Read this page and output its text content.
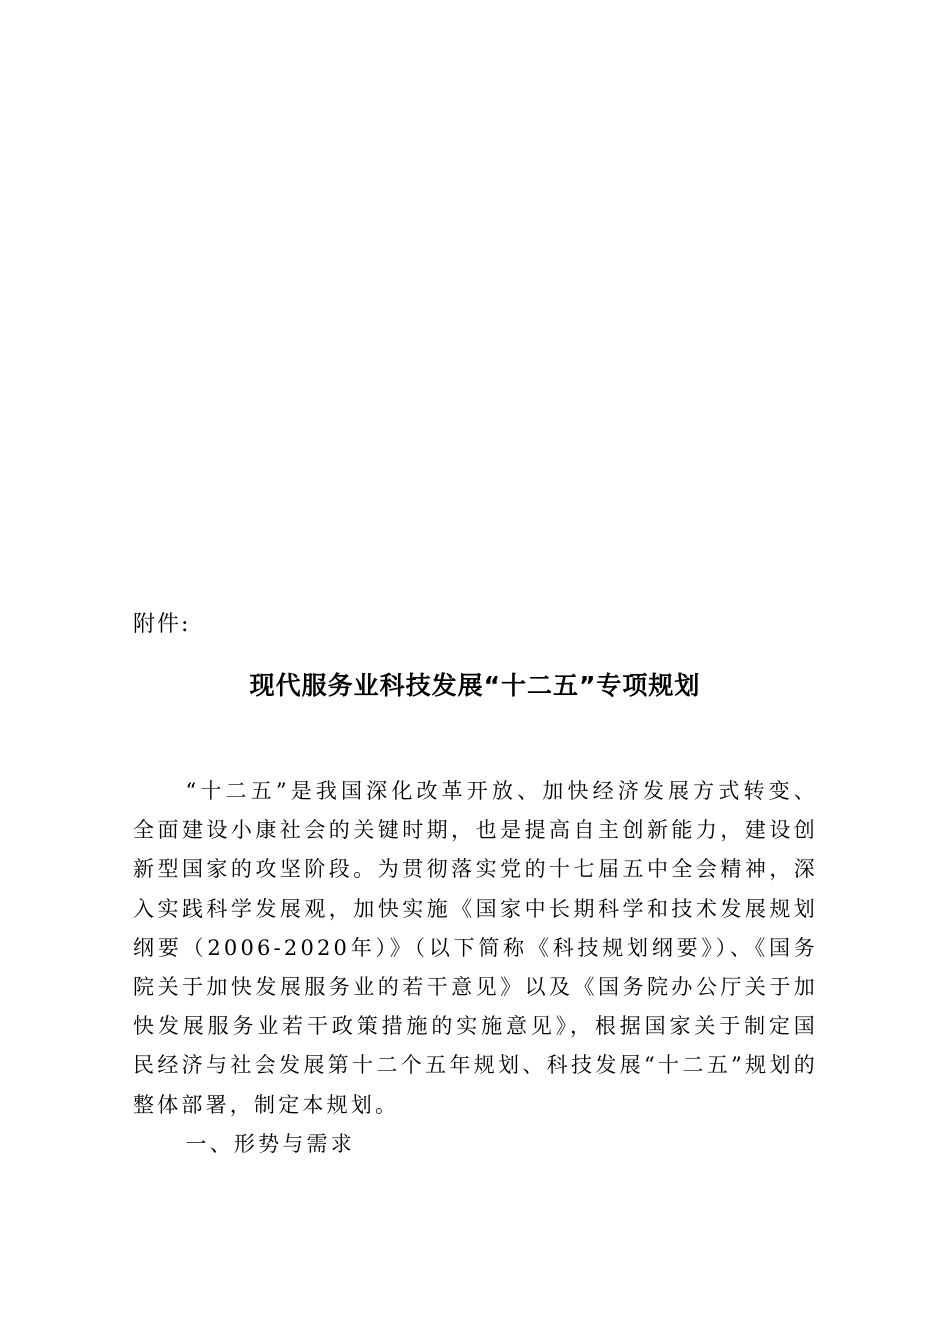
附件:
现代服务业科技发展“十二五”专项规划

“十二五”是我国深化改革开放、加快经济发展方式转变、全面建设小康社会的关键时期，也是提高自主创新能力，建设创新型国家的攻坚阶段。为贯彻落实党的十七届五中全会精神，深入实践科学发展观，加快实施《国家中长期科学和技术发展规划纲要（2006-2020年）》（以下简称《科技规划纲要》）、《国务院关于加快发展服务业的若干意见》以及《国务院办公厅关于加快发展服务业若干政策措施的实施意见》，根据国家关于制定国民经济与社会发展第十二个五年规划、科技发展“十二五”规划的整体部署，制定本规划。

一、形势与需求
